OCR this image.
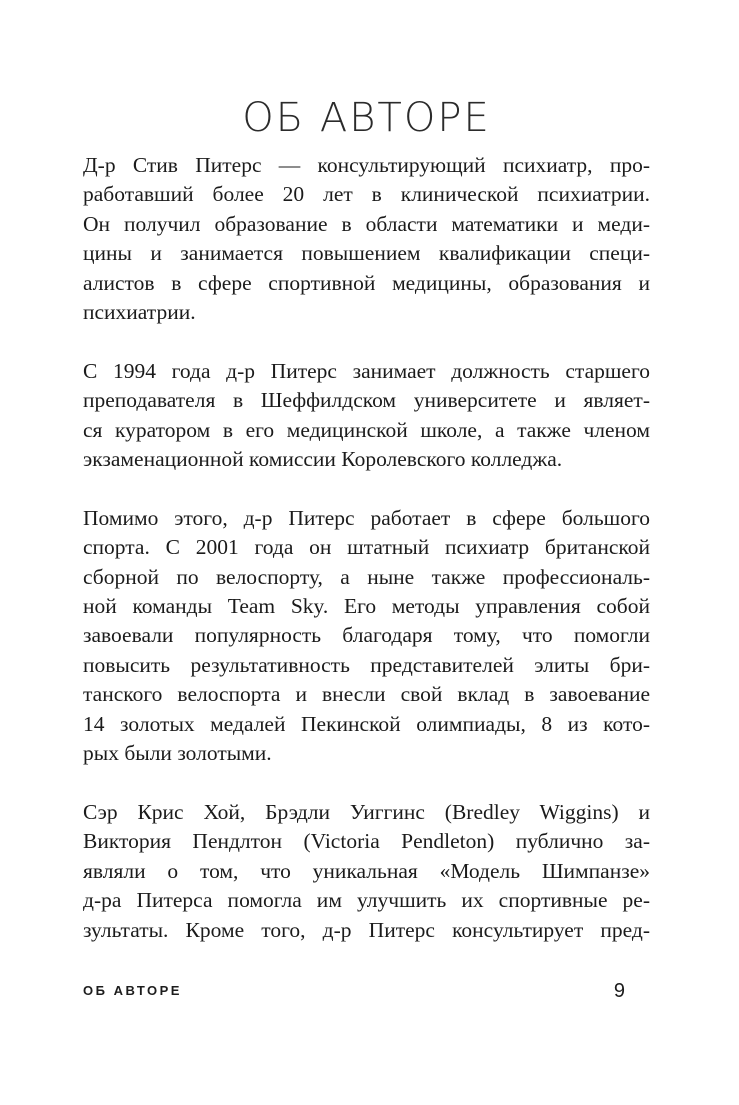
ОБ АВТОРЕ

Д-р Стив Питерс — консультирующий психиатр, про-
работавший более 20 лет в клинической психиатрии.
Он получил образование в области математики и меди-
цины и занимается повышением квалификации специ-
алистов в сфере спортивной медицины, образования и
психиатрии.

С 1994 года д-р Питерс занимает должность старшего
преподавателя в Шеффилдском университете и являет-
ся куратором в его медицинской школе, а также членом
экзаменационной комиссии Королевского колледжа.

Помимо этого, д-р Питерс работает в сфере большого
спорта. С 2001 года он штатный психиатр британской
сборной по велоспорту, а ныне также профессиональ-
ной команды Team Sky. Его методы управления собой
завоевали популярность благодаря тому, что помогли
повысить результативность представителей элиты бри-
танского велоспорта и внесли свой вклад в завоевание
14 золотых медалей Пекинской олимпиады, 8 из кото-
рых были золотыми.

Сэр Крис Хой, Брэдли Уиггинс (Bredley Wiggins) и
Виктория Пендлтон (Victoria Pendleton) публично за-
являли о том, что уникальная «Модель Шимпанзе»
д-ра Питерса помогла им улучшить их спортивные ре-
зультаты. Кроме того, д-р Питерс консультирует пред-

ОБ АВТОРЕ	9
